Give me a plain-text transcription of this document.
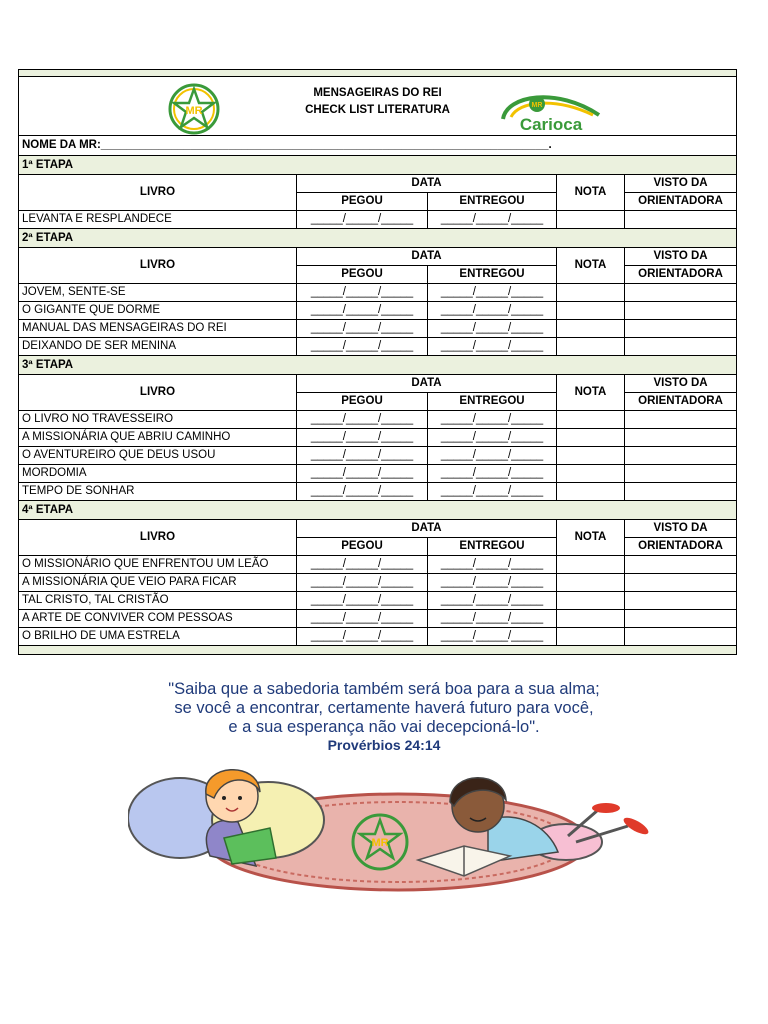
MR
MENSAGEIRAS DO REI
CHECK LIST LITERATURA MR
Carioca				

NOME DA MR:______________________________________________________________________.				
1ª ETAPA				
LIVRO	DATA		NOTA	VISTO DA
	PEGOU	ENTREGOU		ORIENTADORA
LEVANTA E RESPLANDECE	_____/_____/_____	_____/_____/_____		
2ª ETAPA				
LIVRO	DATA		NOTA	VISTO DA
	PEGOU	ENTREGOU		ORIENTADORA
JOVEM, SENTE-SE	_____/_____/_____	_____/_____/_____		
O GIGANTE QUE DORME	_____/_____/_____	_____/_____/_____		
MANUAL DAS MENSAGEIRAS DO REI	_____/_____/_____	_____/_____/_____		
DEIXANDO DE SER MENINA	_____/_____/_____	_____/_____/_____		
3ª ETAPA				
LIVRO	DATA		NOTA	VISTO DA
	PEGOU	ENTREGOU		ORIENTADORA
O LIVRO NO TRAVESSEIRO	_____/_____/_____	_____/_____/_____		
A MISSIONÁRIA QUE ABRIU CAMINHO	_____/_____/_____	_____/_____/_____		
O AVENTUREIRO QUE DEUS USOU	_____/_____/_____	_____/_____/_____		
MORDOMIA	_____/_____/_____	_____/_____/_____		
TEMPO DE SONHAR	_____/_____/_____	_____/_____/_____		
4ª ETAPA				
LIVRO	DATA		NOTA	VISTO DA
	PEGOU	ENTREGOU		ORIENTADORA
O MISSIONÁRIO QUE ENFRENTOU UM LEÃO	_____/_____/_____	_____/_____/_____		
A MISSIONÁRIA QUE VEIO PARA FICAR	_____/_____/_____	_____/_____/_____		
TAL CRISTO, TAL CRISTÃO	_____/_____/_____	_____/_____/_____		
A ARTE DE CONVIVER COM PESSOAS	_____/_____/_____	_____/_____/_____		
O BRILHO DE UMA ESTRELA	_____/_____/_____	_____/_____/_____		

"Saiba que a sabedoria também será boa para a sua alma;
se você a encontrar, certamente haverá futuro para você,
e a sua esperança não vai decepcioná-lo".
Provérbios 24:14
MR
